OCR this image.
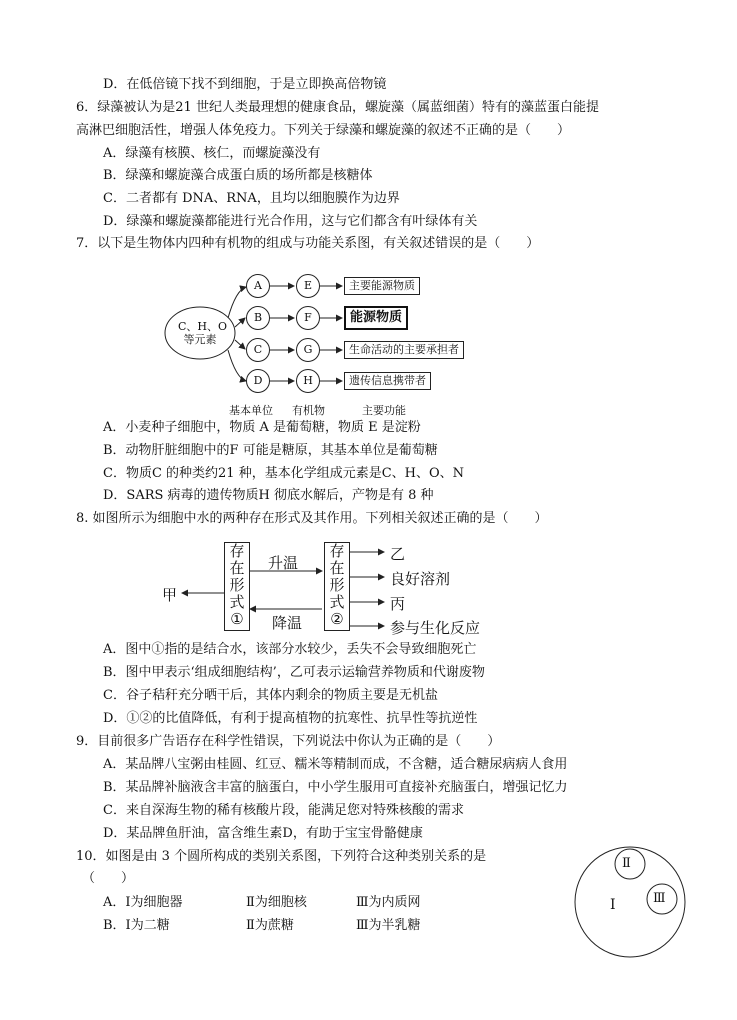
D．在低倍镜下找不到细胞，于是立即换高倍物镜
6．绿藻被认为是21 世纪人类最理想的健康食品，螺旋藻（属蓝细菌）特有的藻蓝蛋白能提
高淋巴细胞活性，增强人体免疫力。下列关于绿藻和螺旋藻的叙述不正确的是（　　）
A．绿藻有核膜、核仁，而螺旋藻没有
B．绿藻和螺旋藻合成蛋白质的场所都是核糖体
C．二者都有 DNA、RNA，且均以细胞膜作为边界
D．绿藻和螺旋藻都能进行光合作用，这与它们都含有叶绿体有关
7．以下是生物体内四种有机物的组成与功能关系图，有关叙述错误的是（　　）
C、H、O
等元素
A
B
C
D
E
F
G
H
主要能源物质
能源物质
生命活动的主要承担者
遗传信息携带者
基本单位 有机物	主要功能
A．小麦种子细胞中，物质 A 是葡萄糖，物质 E 是淀粉
B．动物肝脏细胞中的F 可能是糖原，其基本单位是葡萄糖
C．物质C 的种类约21 种，基本化学组成元素是C、H、O、N
D．SARS 病毒的遗传物质H 彻底水解后，产物是有 8 种
8. 如图所示为细胞中水的两种存在形式及其作用。下列相关叙述正确的是（　　）
存
在
形
式
①
存
在
形
式
②
升温
降温
甲
乙
良好溶剂
丙
参与生化反应
A．图中①指的是结合水，该部分水较少，丢失不会导致细胞死亡
B．图中甲表示‘组成细胞结构’，乙可表示运输营养物质和代谢废物
C．谷子秸秆充分晒干后，其体内剩余的物质主要是无机盐
D．①②的比值降低，有利于提高植物的抗寒性、抗旱性等抗逆性
9．目前很多广告语存在科学性错误，下列说法中你认为正确的是（　　）
A．某品牌八宝粥由桂圆、红豆、糯米等精制而成，不含糖，适合糖尿病病人食用
B．某品牌补脑液含丰富的脑蛋白，中小学生服用可直接补充脑蛋白，增强记忆力
C．来自深海生物的稀有核酸片段，能满足您对特殊核酸的需求
D．某品牌鱼肝油，富含维生素D，有助于宝宝骨骼健康
10．如图是由 3 个圆所构成的类别关系图，下列符合这种类别关系的是
（　　）
A．Ⅰ为细胞器	Ⅱ为细胞核	Ⅲ为内质网
B．Ⅰ为二糖	Ⅱ为蔗糖	Ⅲ为半乳糖
Ⅰ
Ⅱ
Ⅲ
